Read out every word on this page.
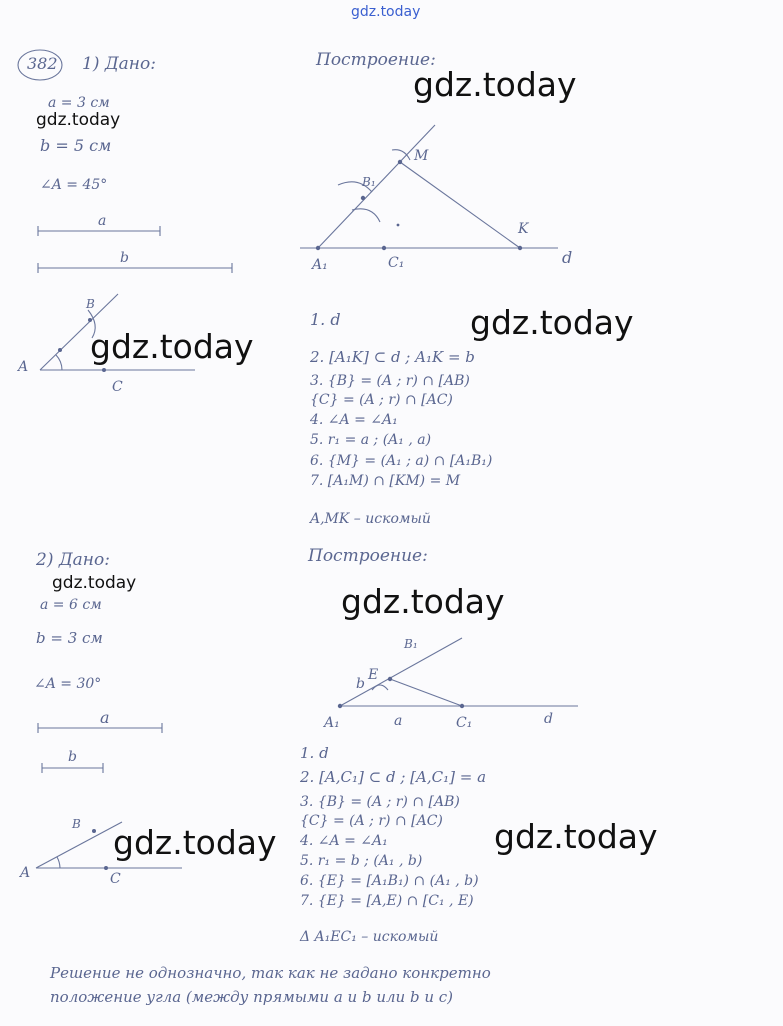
gdz.today
gdz.today
gdz.today
gdz.today
gdz.today
gdz.today	gdz.today
gdz.today	gdz.today
382 1) Дано:
a = 3 см
b = 5 см
∠A = 45°
a
b
A
B
C
Построение:
A₁	C₁
B₁
M
K
d
1. d
2. [A₁K] ⊂ d ; A₁K = b
3. {B} = (A ; r) ∩ [AB)
{C} = (A ; r) ∩ [AC)
4. ∠A = ∠A₁
5. r₁ = a ; (A₁ , a)
6. {M} = (A₁ ; a) ∩ [A₁B₁)
7. [A₁M) ∩ [KM) = M
A,MK – искомый
2) Дано:
a = 6 см
b = 3 см
∠A = 30°
a
b
A
B
C
Построение:
A₁	a	C₁	d
b
E
B₁
1. d
2. [A,C₁] ⊂ d ; [A,C₁] = a
3. {B} = (A ; r) ∩ [AB)
{C} = (A ; r) ∩ [AC)
4. ∠A = ∠A₁
5. r₁ = b ; (A₁ , b)
6. {E} = [A₁B₁) ∩ (A₁ , b)
7. {E} = [A,E) ∩ [C₁ , E)
Δ A₁EC₁ – искомый
Решение не однозначно, так как не задано конкретно
положение угла (между прямыми a и b или b и c)
